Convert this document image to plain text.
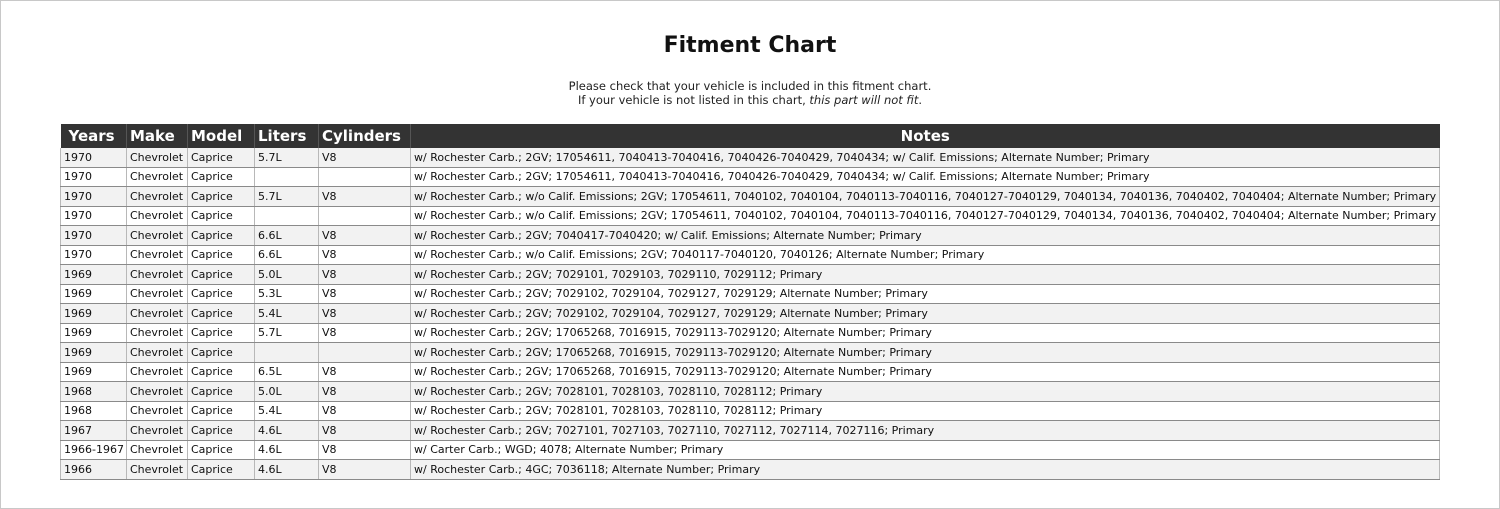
Fitment Chart
Please check that your vehicle is included in this fitment chart.
If your vehicle is not listed in this chart, this part will not fit.
Years	Make	Model	Liters	Cylinders	Notes
1970	Chevrolet	Caprice	5.7L	V8	w/ Rochester Carb.; 2GV; 17054611, 7040413-7040416, 7040426-7040429, 7040434; w/ Calif. Emissions; Alternate Number; Primary
1970	Chevrolet	Caprice			w/ Rochester Carb.; 2GV; 17054611, 7040413-7040416, 7040426-7040429, 7040434; w/ Calif. Emissions; Alternate Number; Primary
1970	Chevrolet	Caprice	5.7L	V8	w/ Rochester Carb.; w/o Calif. Emissions; 2GV; 17054611, 7040102, 7040104, 7040113-7040116, 7040127-7040129, 7040134, 7040136, 7040402, 7040404; Alternate Number; Primary
1970	Chevrolet	Caprice			w/ Rochester Carb.; w/o Calif. Emissions; 2GV; 17054611, 7040102, 7040104, 7040113-7040116, 7040127-7040129, 7040134, 7040136, 7040402, 7040404; Alternate Number; Primary
1970	Chevrolet	Caprice	6.6L	V8	w/ Rochester Carb.; 2GV; 7040417-7040420; w/ Calif. Emissions; Alternate Number; Primary
1970	Chevrolet	Caprice	6.6L	V8	w/ Rochester Carb.; w/o Calif. Emissions; 2GV; 7040117-7040120, 7040126; Alternate Number; Primary
1969	Chevrolet	Caprice	5.0L	V8	w/ Rochester Carb.; 2GV; 7029101, 7029103, 7029110, 7029112; Primary
1969	Chevrolet	Caprice	5.3L	V8	w/ Rochester Carb.; 2GV; 7029102, 7029104, 7029127, 7029129; Alternate Number; Primary
1969	Chevrolet	Caprice	5.4L	V8	w/ Rochester Carb.; 2GV; 7029102, 7029104, 7029127, 7029129; Alternate Number; Primary
1969	Chevrolet	Caprice	5.7L	V8	w/ Rochester Carb.; 2GV; 17065268, 7016915, 7029113-7029120; Alternate Number; Primary
1969	Chevrolet	Caprice			w/ Rochester Carb.; 2GV; 17065268, 7016915, 7029113-7029120; Alternate Number; Primary
1969	Chevrolet	Caprice	6.5L	V8	w/ Rochester Carb.; 2GV; 17065268, 7016915, 7029113-7029120; Alternate Number; Primary
1968	Chevrolet	Caprice	5.0L	V8	w/ Rochester Carb.; 2GV; 7028101, 7028103, 7028110, 7028112; Primary
1968	Chevrolet	Caprice	5.4L	V8	w/ Rochester Carb.; 2GV; 7028101, 7028103, 7028110, 7028112; Primary
1967	Chevrolet	Caprice	4.6L	V8	w/ Rochester Carb.; 2GV; 7027101, 7027103, 7027110, 7027112, 7027114, 7027116; Primary
1966-1967	Chevrolet	Caprice	4.6L	V8	w/ Carter Carb.; WGD; 4078; Alternate Number; Primary
1966	Chevrolet	Caprice	4.6L	V8	w/ Rochester Carb.; 4GC; 7036118; Alternate Number; Primary
